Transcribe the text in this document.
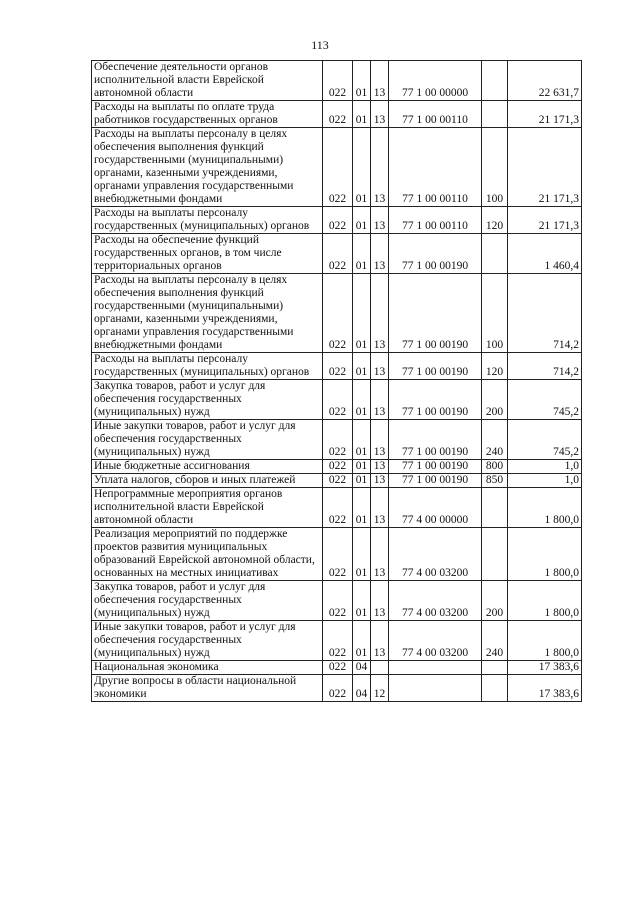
113
Обеспечение деятельности органов исполнительной власти Еврейской автономной области	022	01	13	77 1 00 00000		22 631,7
Расходы на выплаты по оплате труда работников государственных органов	022	01	13	77 1 00 00110		21 171,3
Расходы на выплаты персоналу в целях обеспечения выполнения функций государственными (муниципальными) органами, казенными учреждениями, органами управления государственными внебюджетными фондами	022	01	13	77 1 00 00110	100	21 171,3
Расходы на выплаты персоналу государственных (муниципальных) органов	022	01	13	77 1 00 00110	120	21 171,3
Расходы на обеспечение функций государственных органов, в том числе территориальных органов	022	01	13	77 1 00 00190		1 460,4
Расходы на выплаты персоналу в целях обеспечения выполнения функций государственными (муниципальными) органами, казенными учреждениями, органами управления государственными внебюджетными фондами	022	01	13	77 1 00 00190	100	714,2
Расходы на выплаты персоналу государственных (муниципальных) органов	022	01	13	77 1 00 00190	120	714,2
Закупка товаров, работ и услуг для обеспечения государственных (муниципальных) нужд	022	01	13	77 1 00 00190	200	745,2
Иные закупки товаров, работ и услуг для обеспечения государственных (муниципальных) нужд	022	01	13	77 1 00 00190	240	745,2
Иные бюджетные ассигнования	022	01	13	77 1 00 00190	800	1,0
Уплата налогов, сборов и иных платежей	022	01	13	77 1 00 00190	850	1,0
Непрограммные мероприятия органов исполнительной власти Еврейской автономной области	022	01	13	77 4 00 00000		1 800,0
Реализация мероприятий по поддержке проектов развития муниципальных образований Еврейской автономной области, основанных на местных инициативах	022	01	13	77 4 00 03200		1 800,0
Закупка товаров, работ и услуг для обеспечения государственных (муниципальных) нужд	022	01	13	77 4 00 03200	200	1 800,0
Иные закупки товаров, работ и услуг для обеспечения государственных (муниципальных) нужд	022	01	13	77 4 00 03200	240	1 800,0
Национальная экономика	022	04				17 383,6
Другие вопросы в области национальной экономики	022	04	12			17 383,6
